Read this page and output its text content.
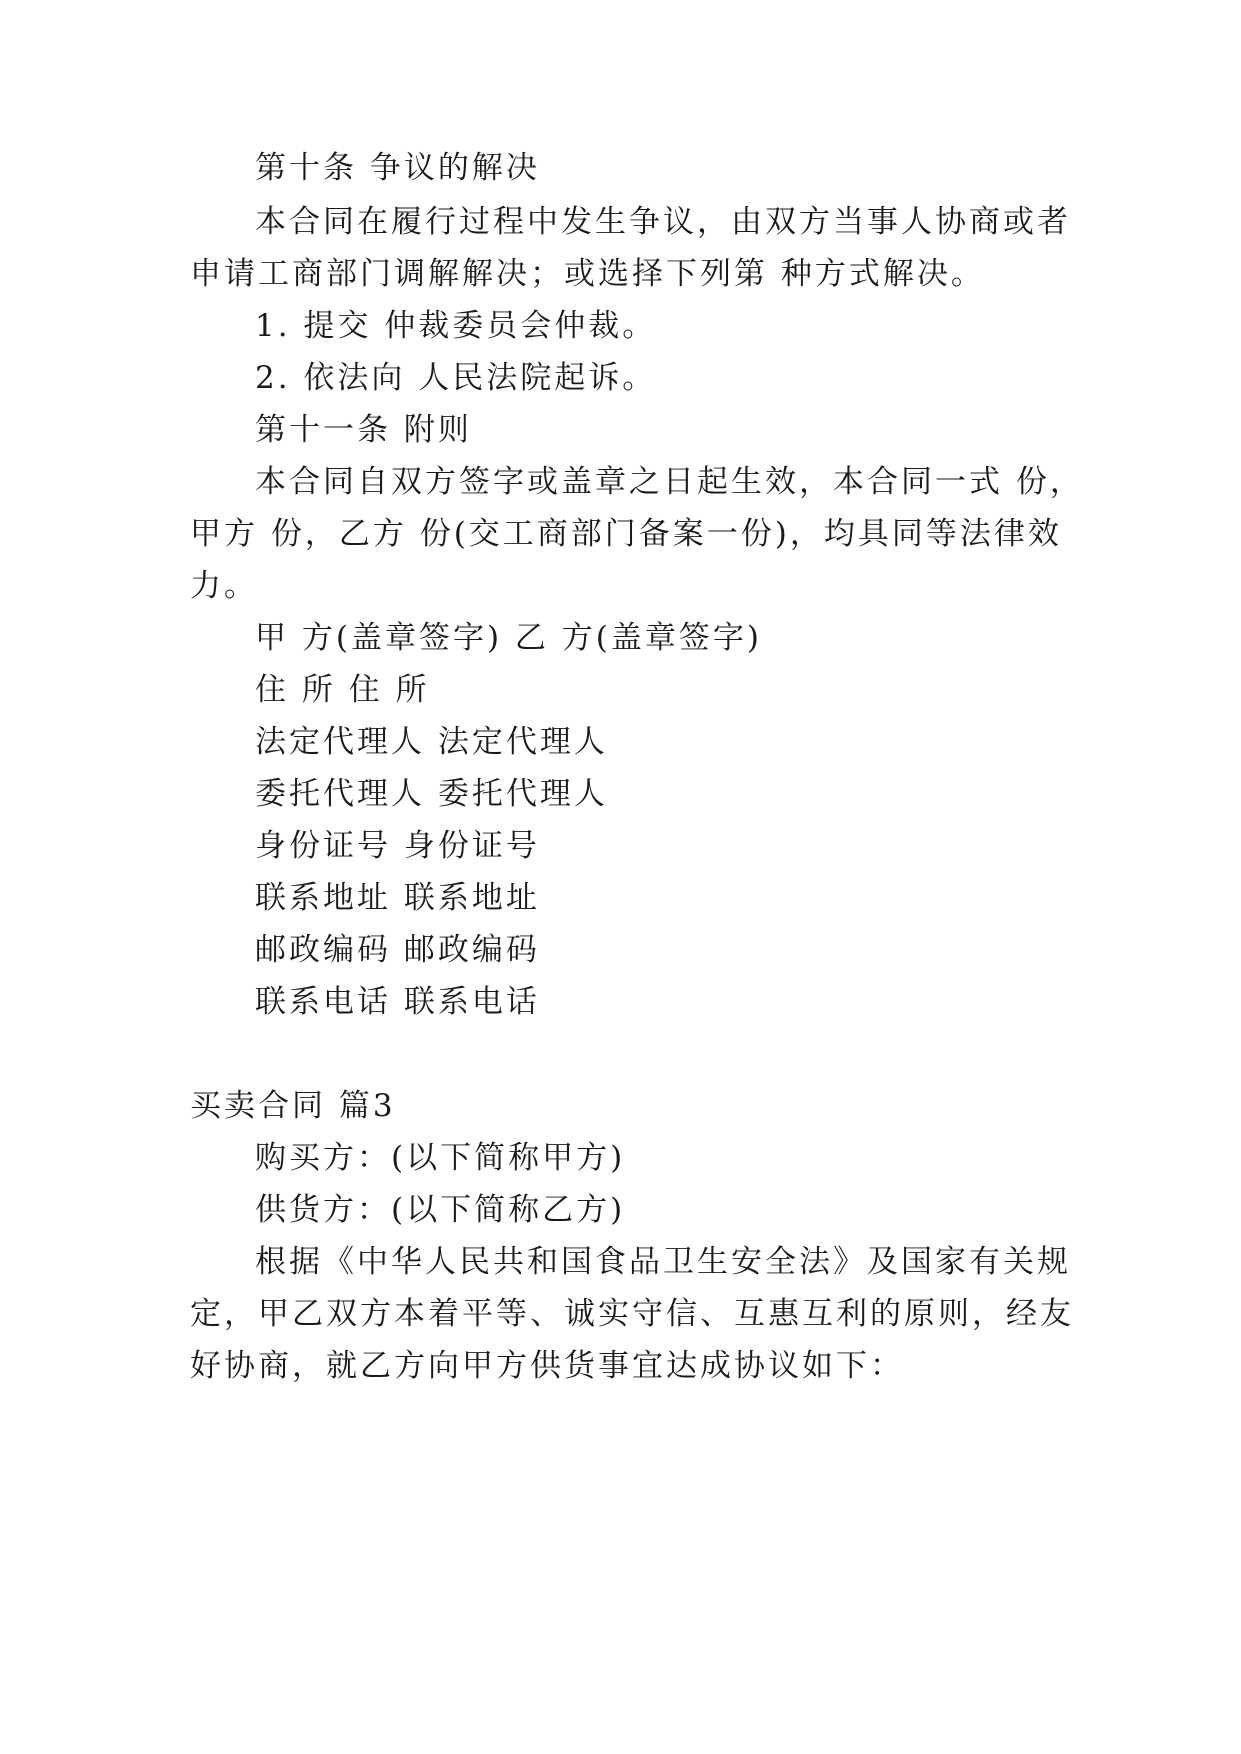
第十条 争议的解决
本合同在履行过程中发生争议，由双方当事人协商或者
申请工商部门调解解决；或选择下列第 种方式解决。
1. 提交 仲裁委员会仲裁。
2. 依法向 人民法院起诉。
第十一条 附则
本合同自双方签字或盖章之日起生效，本合同一式 份，
甲方 份，乙方 份(交工商部门备案一份)，均具同等法律效
力。
甲 方(盖章签字) 乙 方(盖章签字)
住 所 住 所
法定代理人 法定代理人
委托代理人 委托代理人
身份证号 身份证号
联系地址 联系地址
邮政编码 邮政编码
联系电话 联系电话
买卖合同 篇3
购买方：(以下简称甲方)
供货方：(以下简称乙方)
根据《中华人民共和国食品卫生安全法》及国家有关规
定，甲乙双方本着平等、诚实守信、互惠互利的原则，经友
好协商，就乙方向甲方供货事宜达成协议如下：
